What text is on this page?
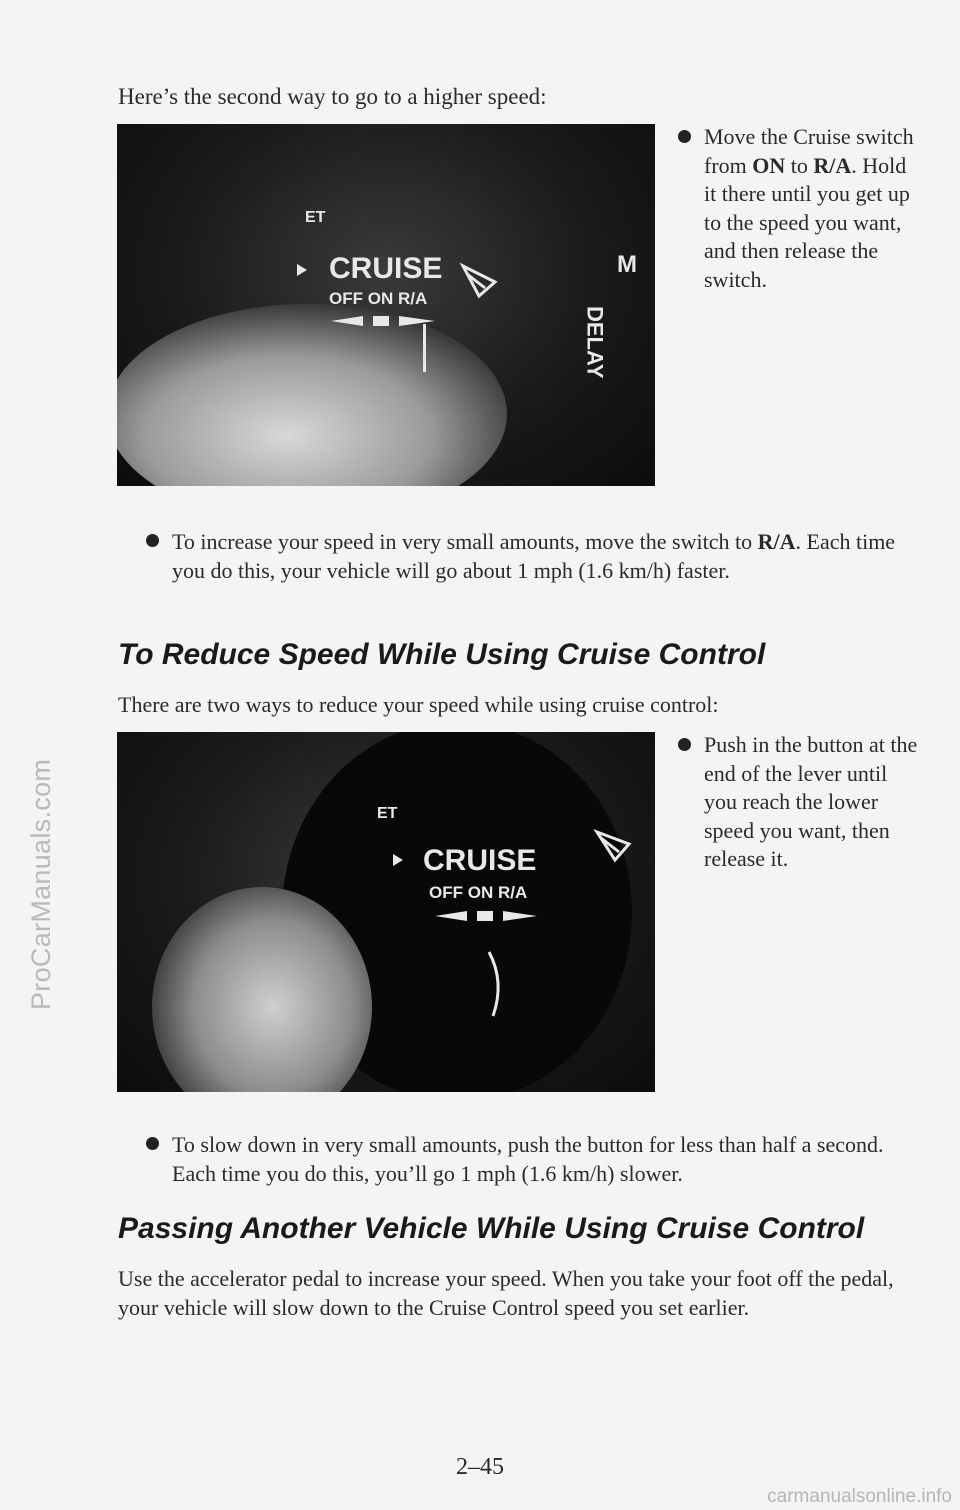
ProCarManuals.com
carmanualsonline.info
Here’s the second way to go to a higher speed:
ET
CRUISE
OFF ON R/A
M
DELAY
Move the Cruise switch from ON to R/A. Hold it there until you get up to the speed you want, and then release the switch.
To increase your speed in very small amounts, move the switch to R/A. Each time you do this, your vehicle will go about 1 mph (1.6 km/h) faster.
To Reduce Speed While Using Cruise Control
There are two ways to reduce your speed while using cruise control:
ET
CRUISE
OFF ON R/A
Push in the button at the end of the lever until you reach the lower speed you want, then release it.
To slow down in very small amounts, push the button for less than half a second. Each time you do this, you’ll go 1 mph (1.6 km/h) slower.
Passing Another Vehicle While Using Cruise Control
Use the accelerator pedal to increase your speed. When you take your foot off the pedal, your vehicle will slow down to the Cruise Control speed you set earlier.
2–45
